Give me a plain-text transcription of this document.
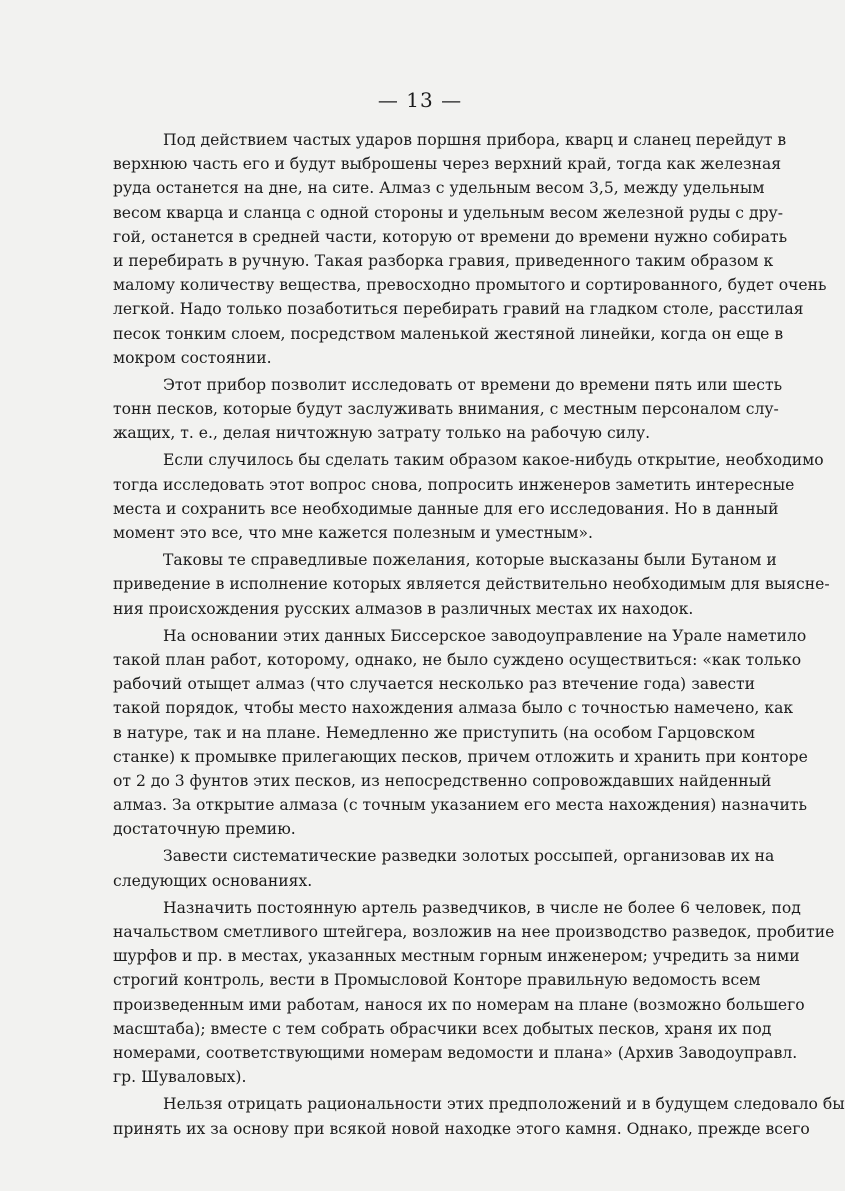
— 13 —
Под действием частых ударов поршня прибора, кварц и сланец перейдут в
верхнюю часть его и будут выброшены через верхний край, тогда как железная
руда останется на дне, на сите. Алмаз с удельным весом 3,5, между удельным
весом кварца и сланца с одной стороны и удельным весом железной руды с дру-
гой, останется в средней части, которую от времени до времени нужно собирать
и перебирать в ручную. Такая разборка гравия, приведенного таким образом к
малому количеству вещества, превосходно промытого и сортированного, будет очень
легкой. Надо только позаботиться перебирать гравий на гладком столе, расстилая
песок тонким слоем, посредством маленькой жестяной линейки, когда он еще в
мокром состоянии.
Этот прибор позволит исследовать от времени до времени пять или шесть
тонн песков, которые будут заслуживать внимания, с местным персоналом слу-
жащих, т. е., делая ничтожную затрату только на рабочую силу.
Если случилось бы сделать таким образом какое-нибудь открытие, необходимо
тогда исследовать этот вопрос снова, попросить инженеров заметить интересные
места и сохранить все необходимые данные для его исследования. Но в данный
момент это все, что мне кажется полезным и уместным».
Таковы те справедливые пожелания, которые высказаны были Бутаном и
приведение в исполнение которых является действительно необходимым для выясне-
ния происхождения русских алмазов в различных местах их находок.
На основании этих данных Биссерское заводоуправление на Урале наметило
такой план работ, которому, однако, не было суждено осуществиться: «как только
рабочий отыщет алмаз (что случается несколько раз втечение года) завести
такой порядок, чтобы место нахождения алмаза было с точностью намечено, как
в натуре, так и на плане. Немедленно же приступить (на особом Гарцовском
станке) к промывке прилегающих песков, причем отложить и хранить при конторе
от 2 до 3 фунтов этих песков, из непосредственно сопровождавших найденный
алмаз. За открытие алмаза (с точным указанием его места нахождения) назначить
достаточную премию.
Завести систематические разведки золотых россыпей, организовав их на
следующих основаниях.
Назначить постоянную артель разведчиков, в числе не более 6 человек, под
начальством сметливого штейгера, возложив на нее производство разведок, пробитие
шурфов и пр. в местах, указанных местным горным инженером; учредить за ними
строгий контроль, вести в Промысловой Конторе правильную ведомость всем
произведенным ими работам, нанося их по номерам на плане (возможно большего
масштаба); вместе с тем собрать обрасчики всех добытых песков, храня их под
номерами, соответствующими номерам ведомости и плана» (Архив Заводоуправл.
гр. Шуваловых).
Нельзя отрицать рациональности этих предположений и в будущем следовало бы
принять их за основу при всякой новой находке этого камня. Однако, прежде всего
